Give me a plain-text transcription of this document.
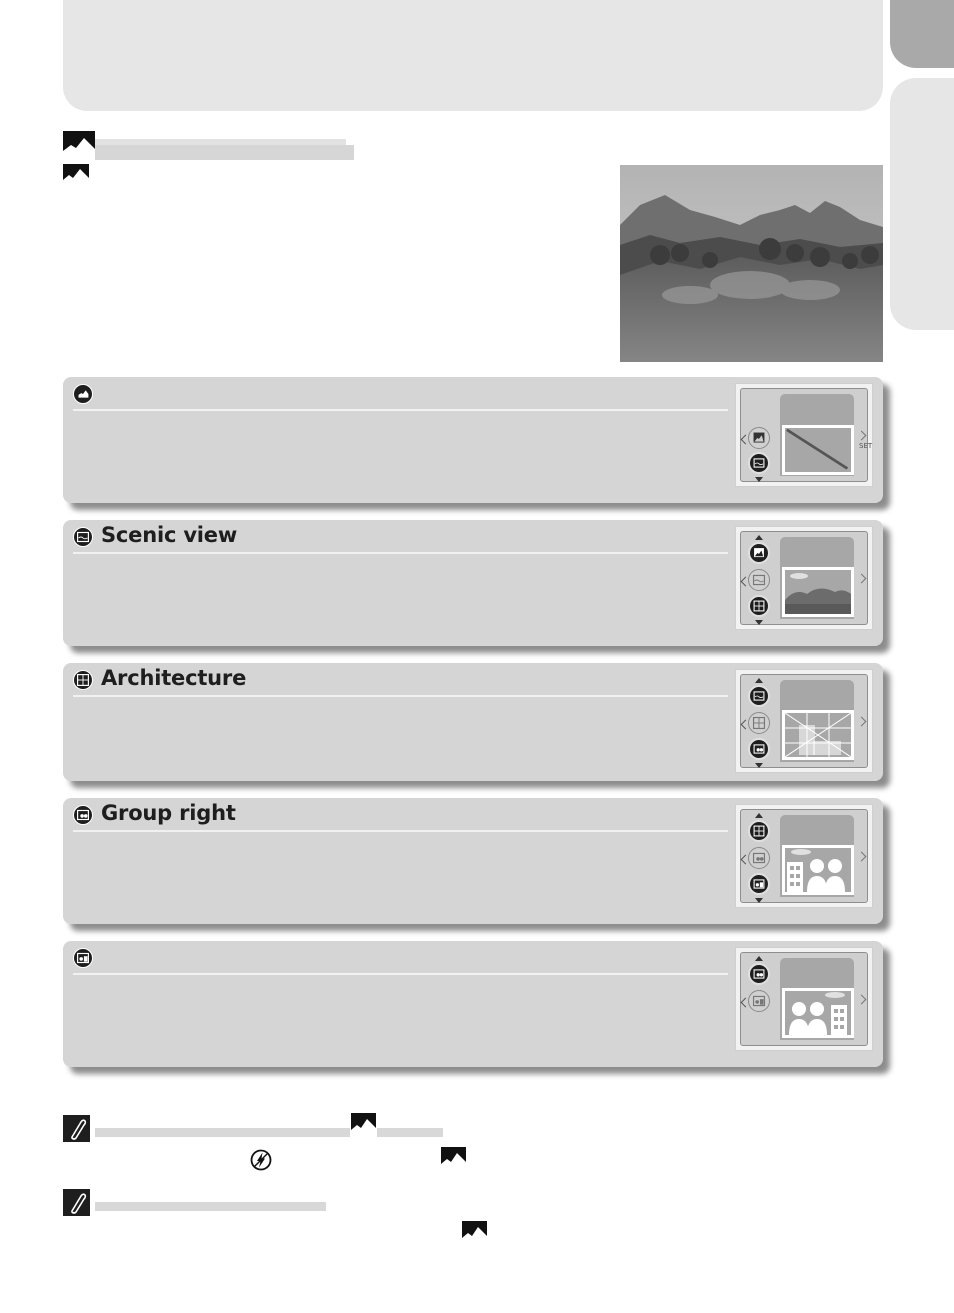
SET
Scenic view
Architecture
Group right
